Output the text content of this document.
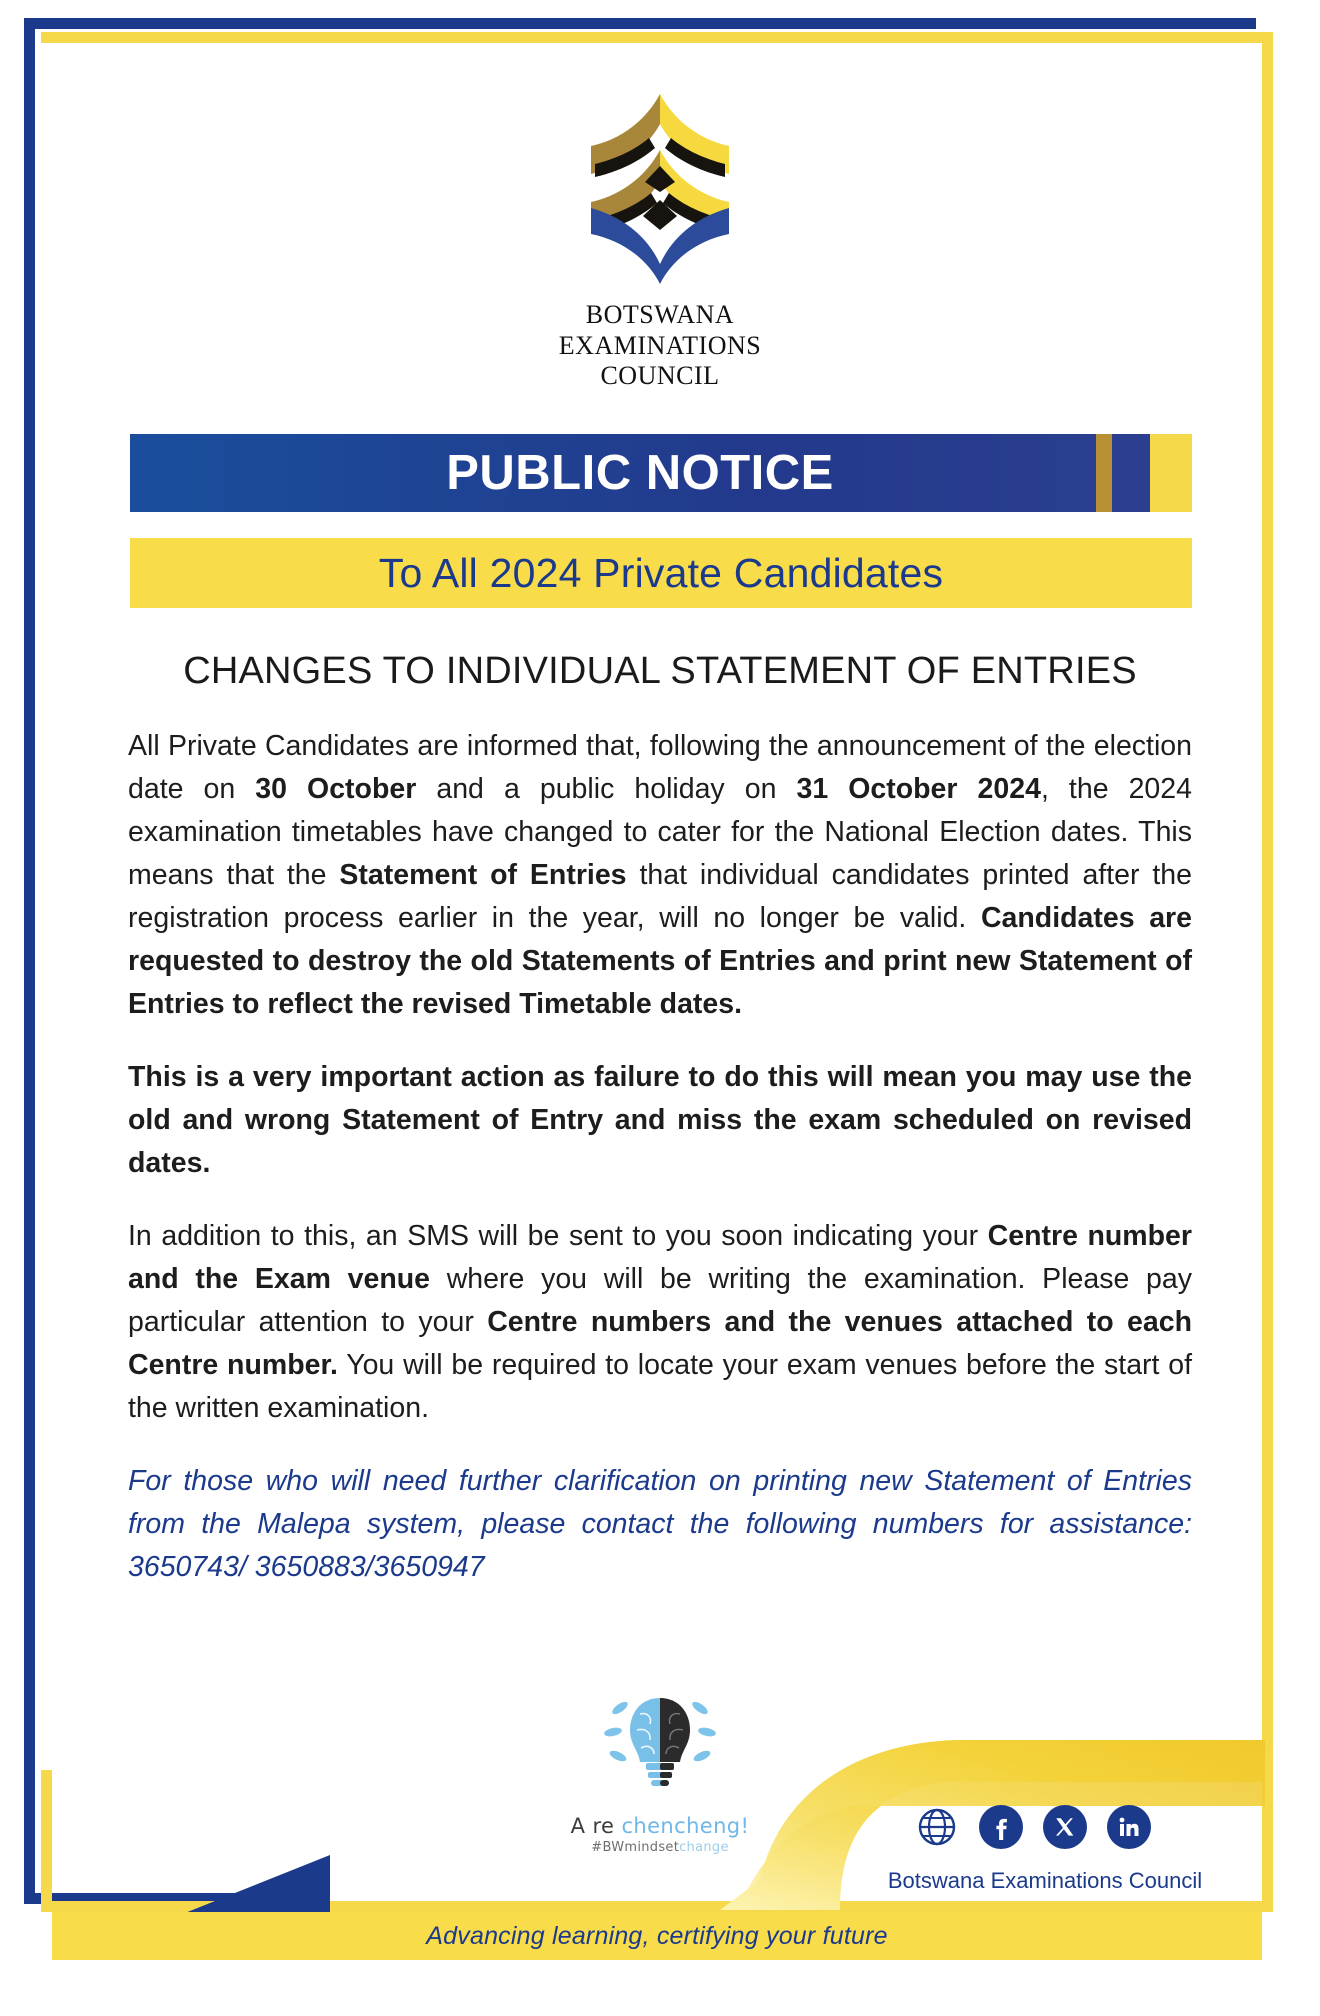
BOTSWANA
EXAMINATIONS
COUNCIL
PUBLIC NOTICE
To All 2024 Private Candidates
CHANGES TO INDIVIDUAL STATEMENT OF ENTRIES

All Private Candidates are informed that, following the announcement of the election date on 30 October and a public holiday on 31 October 2024, the 2024 examination timetables have changed to cater for the National Election dates. This means that the Statement of Entries that individual candidates printed after the registration process earlier in the year, will no longer be valid. Candidates are requested to destroy the old Statements of Entries and print new Statement of Entries to reflect the revised Timetable dates.

This is a very important action as failure to do this will mean you may use the old and wrong Statement of Entry and miss the exam scheduled on revised dates.

In addition to this, an SMS will be sent to you soon indicating your Centre number and the Exam venue where you will be writing the examination. Please pay particular attention to your Centre numbers and the venues attached to each Centre number. You will be required to locate your exam venues before the start of the written examination.

For those who will need further clarification on printing new Statement of Entries from the Malepa system, please contact the following numbers for assistance: 3650743/ 3650883/3650947

A re chencheng!
#BWmindsetchange
Botswana Examinations Council
Advancing learning, certifying your future
